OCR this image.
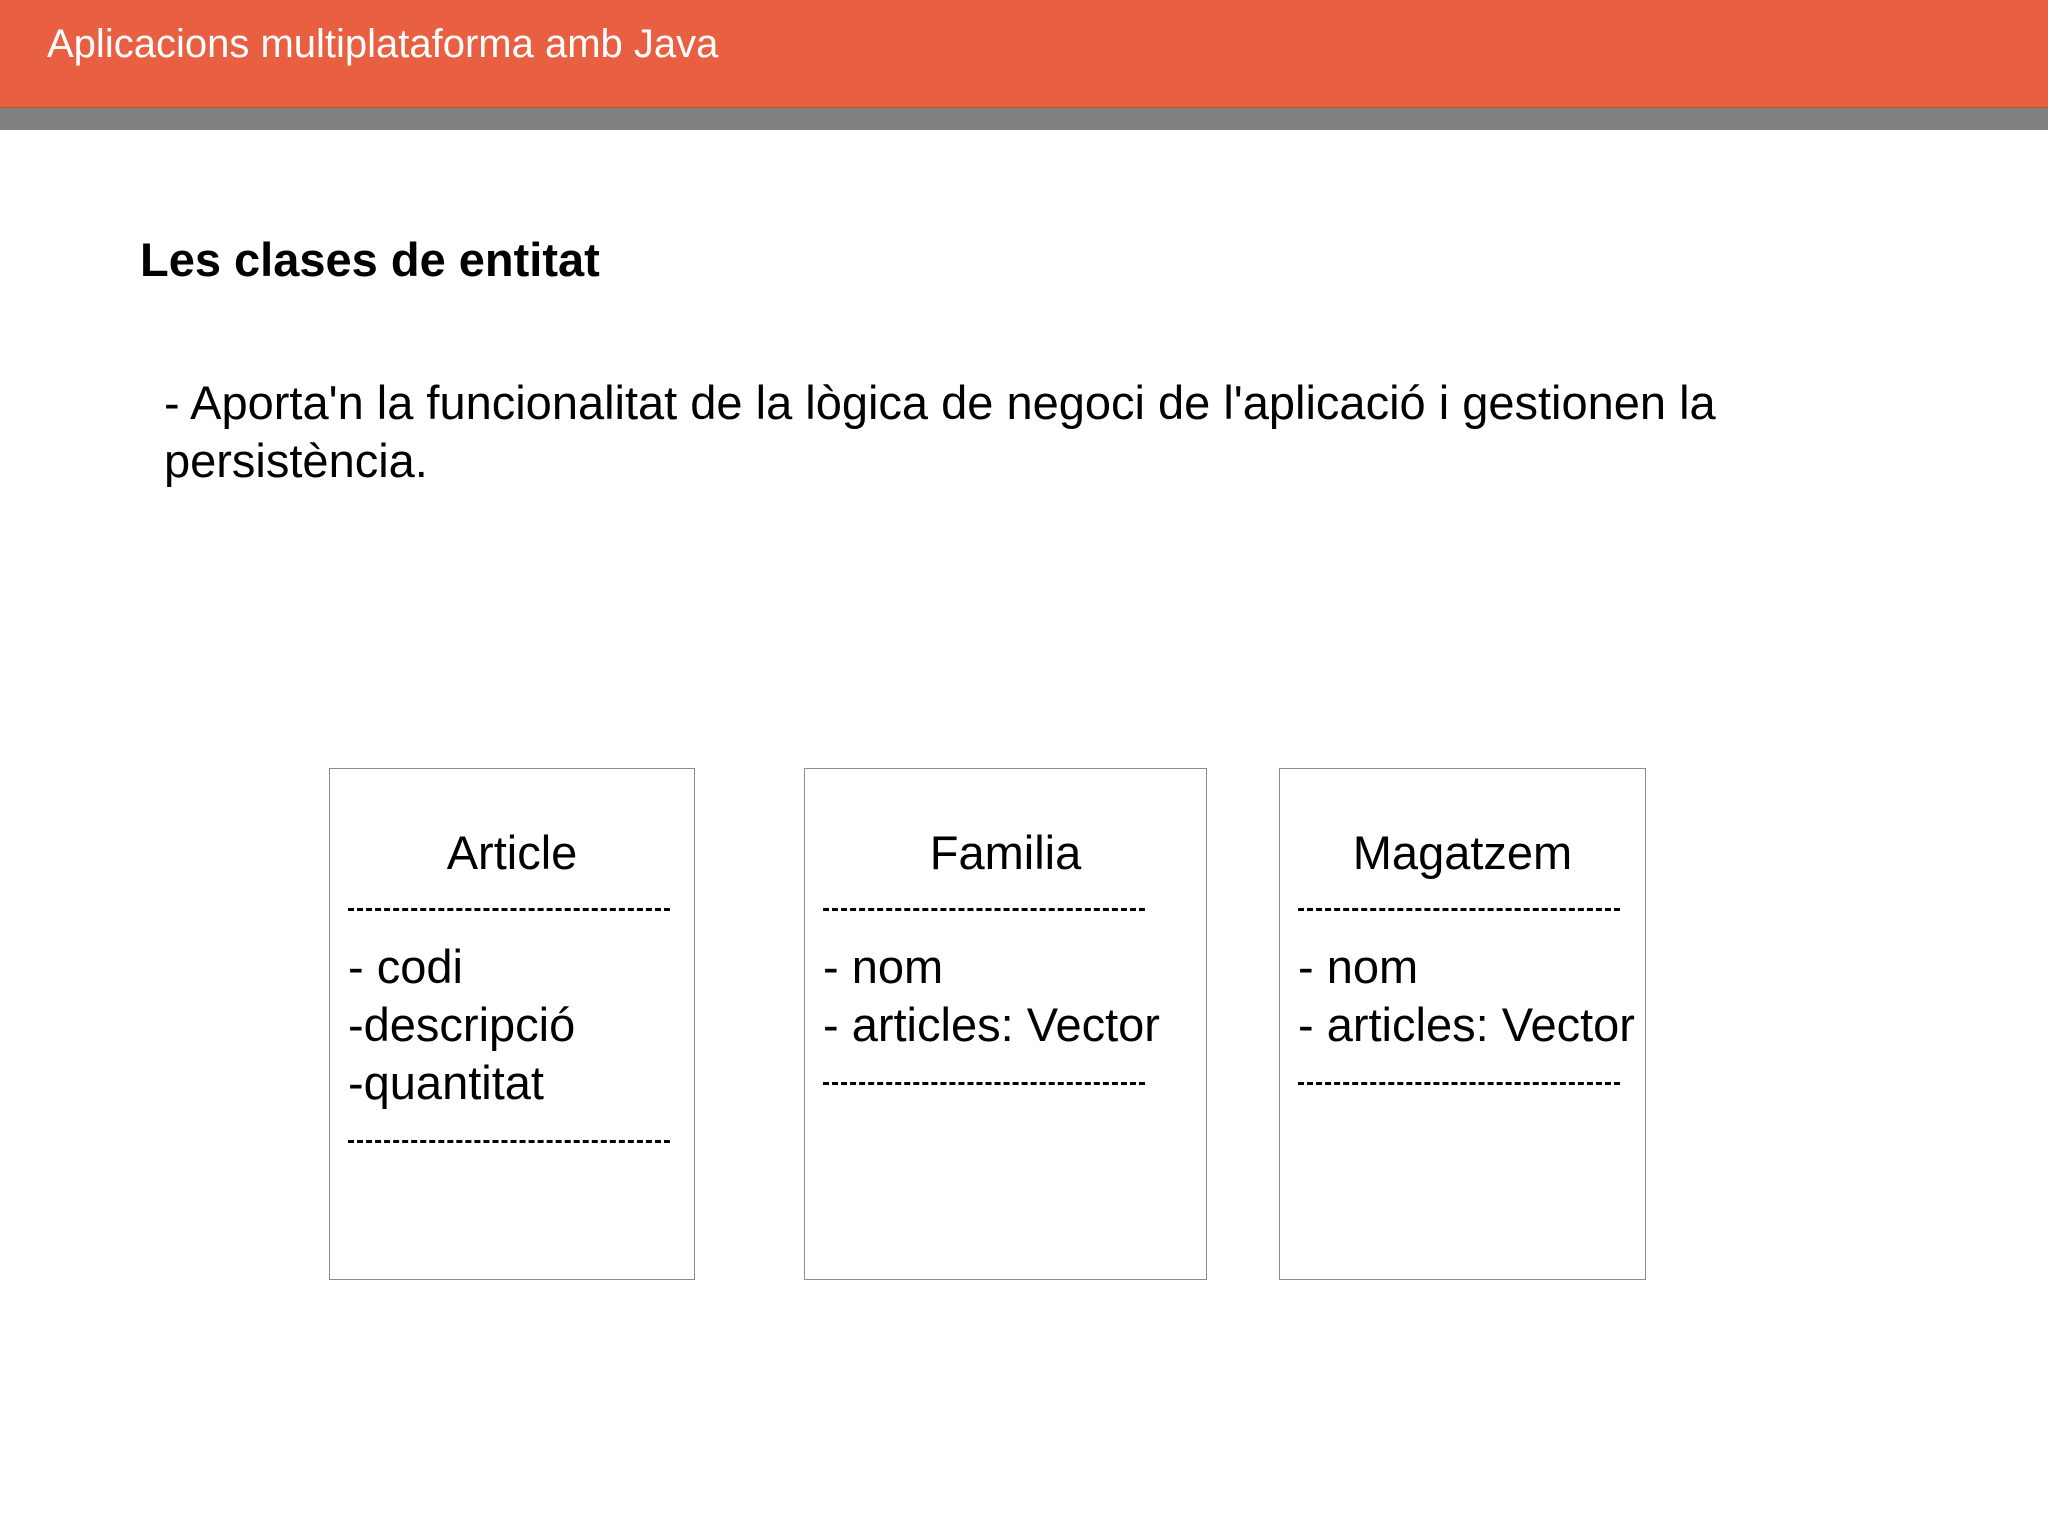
Aplicacions multiplataforma amb Java
Les clases de entitat
- Aporta'n la funcionalitat de la lògica de negoci de l'aplicació i gestionen la persistència.
Article
- codi
-descripció
-quantitat
Familia
- nom
- articles: Vector
Magatzem
- nom
- articles: Vector
